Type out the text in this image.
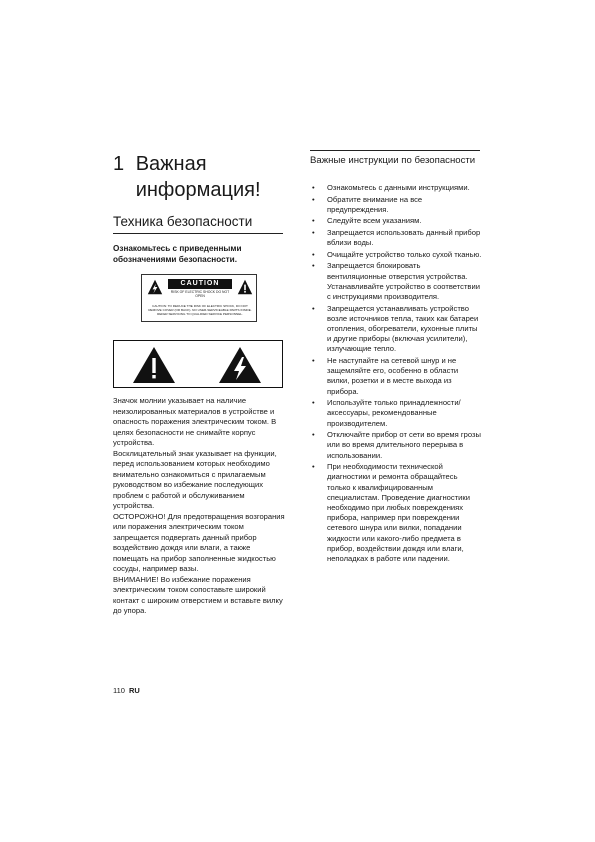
1 Важная информация!
Техника безопасности
Ознакомьтесь с приведенными обозначениями безопасности.
CAUTION
RISK OF ELECTRIC SHOCK DO NOT OPEN
CAUTION: TO REDUCE THE RISK OF ELECTRIC SHOCK, DO NOT REMOVE COVER (OR BACK). NO USER-SERVICEABLE PARTS INSIDE. REFER SERVICING TO QUALIFIED SERVICE PERSONNEL.

Значок молнии указывает на наличие неизолированных материалов в устройстве и опасность поражения электрическим током. В целях безопасности не снимайте корпус устройства.

Восклицательный знак указывает на функции, перед использованием которых необходимо внимательно ознакомиться с прилагаемым руководством во избежание последующих проблем с работой и обслуживанием устройства.

ОСТОРОЖНО! Для предотвращения возгорания или поражения электрическим током запрещается подвергать данный прибор воздействию дождя или влаги, а также помещать на прибор заполненные жидкостью сосуды, например вазы.

ВНИМАНИЕ! Во избежание поражения электрическим током сопоставьте широкий контакт с широким отверстием и вставьте вилку до упора.

Важные инструкции по безопасности
• Ознакомьтесь с данными инструкциями.
• Обратите внимание на все предупреждения.
• Следуйте всем указаниям.
• Запрещается использовать данный прибор вблизи воды.
• Очищайте устройство только сухой тканью.
• Запрещается блокировать вентиляционные отверстия устройства. Устанавливайте устройство в соответствии с инструкциями производителя.
• Запрещается устанавливать устройство возле источников тепла, таких как батареи отопления, обогреватели, кухонные плиты и другие приборы (включая усилители), излучающие тепло.
• Не наступайте на сетевой шнур и не защемляйте его, особенно в области вилки, розетки и в месте выхода из прибора.
• Используйте только принадлежности/ аксессуары, рекомендованные производителем.
• Отключайте прибор от сети во время грозы или во время длительного перерыва в использовании.
• При необходимости технической диагностики и ремонта обращайтесь только к квалифицированным специалистам. Проведение диагностики необходимо при любых повреждениях прибора, например при повреждении сетевого шнура или вилки, попадании жидкости или какого-либо предмета в прибор, воздействии дождя или влаги, неполадках в работе или падении.
110 RU
